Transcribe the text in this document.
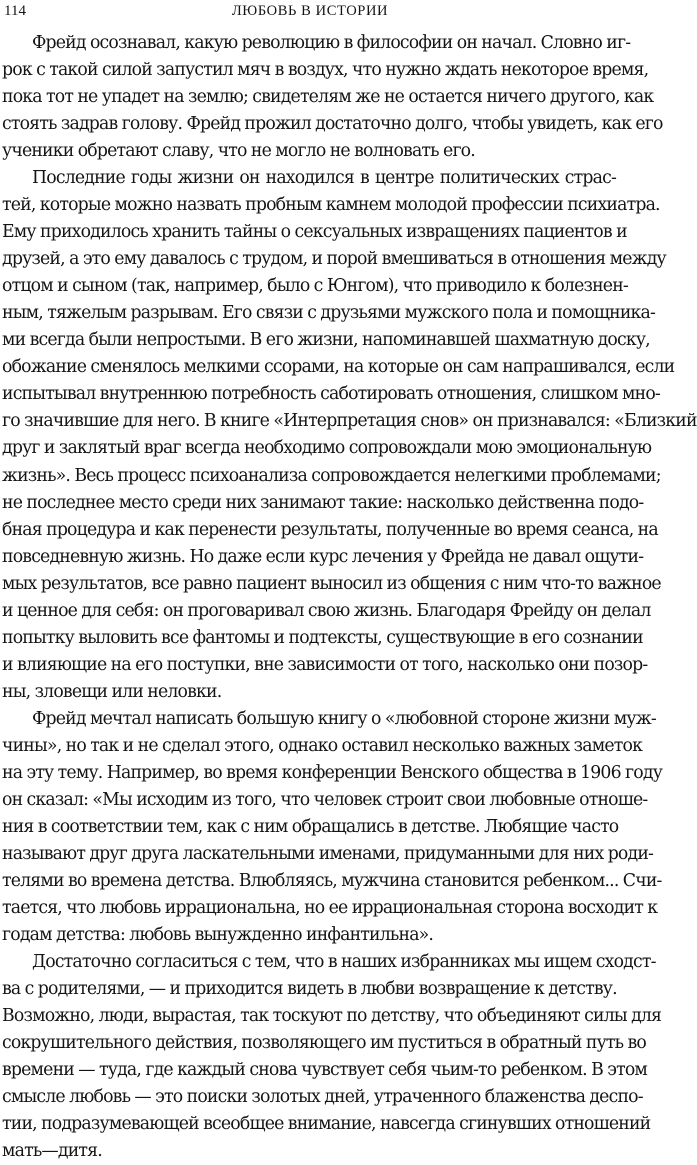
114	ЛЮБОВЬ В ИСТОРИИ
Фрейд осознавал, какую революцию в философии он начал. Словно иг-
рок с такой силой запустил мяч в воздух, что нужно ждать некоторое время,
пока тот не упадет на землю; свидетелям же не остается ничего другого, как
стоять задрав голову. Фрейд прожил достаточно долго, чтобы увидеть, как его
ученики обретают славу, что не могло не волновать его.
Последние годы жизни он находился в центре политических страс-
тей, которые можно назвать пробным камнем молодой профессии психиатра.
Ему приходилось хранить тайны о сексуальных извращениях пациентов и
друзей, а это ему давалось с трудом, и порой вмешиваться в отношения между
отцом и сыном (так, например, было с Юнгом), что приводило к болезнен-
ным, тяжелым разрывам. Его связи с друзьями мужского пола и помощника-
ми всегда были непростыми. В его жизни, напоминавшей шахматную доску,
обожание сменялось мелкими ссорами, на которые он сам напрашивался, если
испытывал внутреннюю потребность саботировать отношения, слишком мно-
го значившие для него. В книге «Интерпретация снов» он признавался: «Близкий
друг и заклятый враг всегда необходимо сопровождали мою эмоциональную
жизнь». Весь процесс психоанализа сопровождается нелегкими проблемами;
не последнее место среди них занимают такие: насколько действенна подо-
бная процедура и как перенести результаты, полученные во время сеанса, на
повседневную жизнь. Но даже если курс лечения у Фрейда не давал ощути-
мых результатов, все равно пациент выносил из общения с ним что-то важное
и ценное для себя: он проговаривал свою жизнь. Благодаря Фрейду он делал
попытку выловить все фантомы и подтексты, существующие в его сознании
и влияющие на его поступки, вне зависимости от того, насколько они позор-
ны, зловещи или неловки.
Фрейд мечтал написать большую книгу о «любовной стороне жизни муж-
чины», но так и не сделал этого, однако оставил несколько важных заметок
на эту тему. Например, во время конференции Венского общества в 1906 году
он сказал: «Мы исходим из того, что человек строит свои любовные отноше-
ния в соответствии тем, как с ним обращались в детстве. Любящие часто
называют друг друга ласкательными именами, придуманными для них роди-
телями во времена детства. Влюбляясь, мужчина становится ребенком... Счи-
тается, что любовь иррациональна, но ее иррациональная сторона восходит к
годам детства: любовь вынужденно инфантильна».
Достаточно согласиться с тем, что в наших избранниках мы ищем сходст-
ва с родителями, — и приходится видеть в любви возвращение к детству.
Возможно, люди, вырастая, так тоскуют по детству, что объединяют силы для
сокрушительного действия, позволяющего им пуститься в обратный путь во
времени — туда, где каждый снова чувствует себя чьим-то ребенком. В этом
смысле любовь — это поиски золотых дней, утраченного блаженства деспо-
тии, подразумевающей всеобщее внимание, навсегда сгинувших отношений
мать—дитя.
